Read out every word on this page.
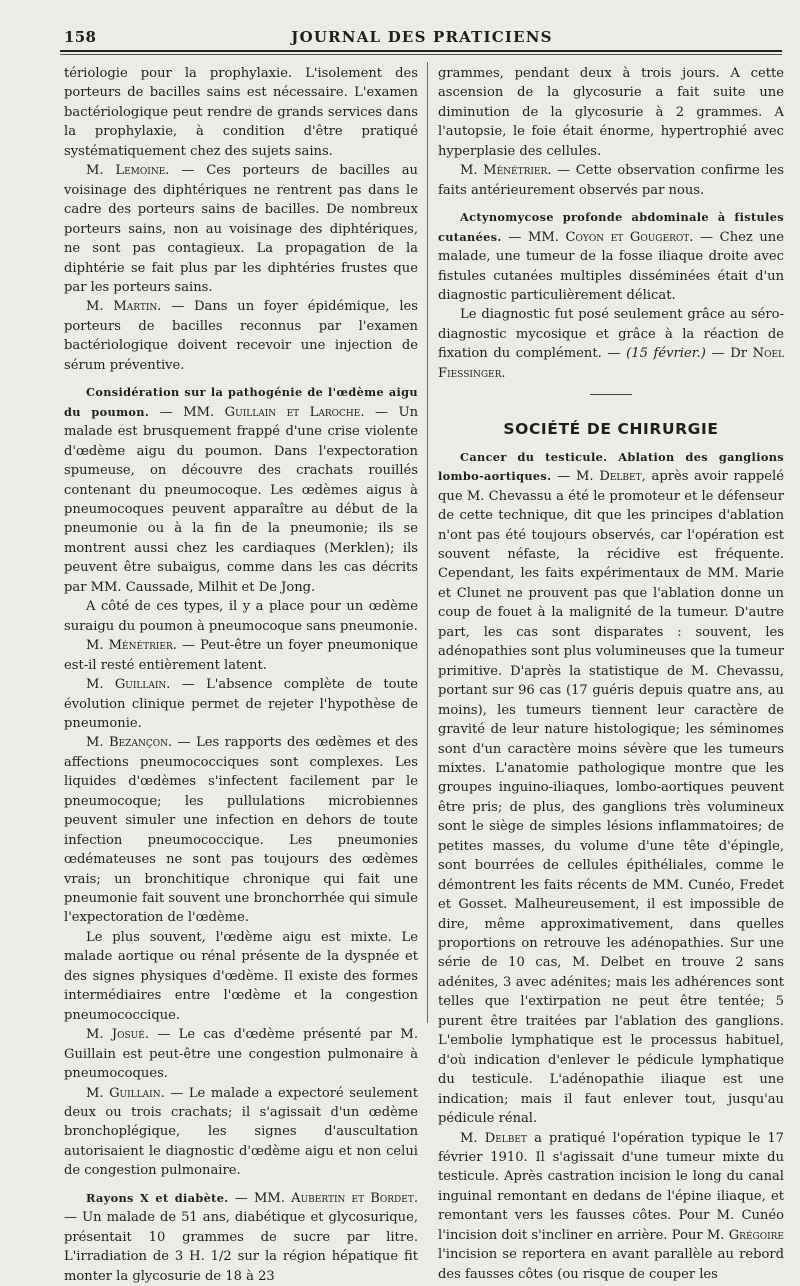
158	JOURNAL DES PRATICIENS

tériologie pour la prophylaxie. L'isolement des porteurs de bacilles sains est nécessaire. L'examen bactériologique peut rendre de grands services dans la prophylaxie, à condition d'être pratiqué systématiquement chez des sujets sains.

M. Lemoine. — Ces porteurs de bacilles au voisinage des diphtériques ne rentrent pas dans le cadre des porteurs sains de bacilles. De nombreux porteurs sains, non au voisinage des diphtériques, ne sont pas contagieux. La propagation de la diphtérie se fait plus par les diphtéries frustes que par les porteurs sains.

M. Martin. — Dans un foyer épidémique, les porteurs de bacilles reconnus par l'examen bactériologique doivent recevoir une injection de sérum préventive.

Considération sur la pathogénie de l'œdème aigu du poumon. — MM. Guillain et Laroche. — Un malade est brusquement frappé d'une crise violente d'œdème aigu du poumon. Dans l'expectoration spumeuse, on découvre des crachats rouillés contenant du pneumocoque. Les œdèmes aigus à pneumocoques peuvent apparaître au début de la pneumonie ou à la fin de la pneumonie; ils se montrent aussi chez les cardiaques (Merklen); ils peuvent être subaigus, comme dans les cas décrits par MM. Caussade, Milhit et De Jong.

A côté de ces types, il y a place pour un œdème suraigu du poumon à pneumocoque sans pneumonie.

M. Ménétrier. — Peut-être un foyer pneumonique est-il resté entièrement latent.

M. Guillain. — L'absence complète de toute évolution clinique permet de rejeter l'hypothèse de pneumonie.

M. Bezançon. — Les rapports des œdèmes et des affections pneumococciques sont complexes. Les liquides d'œdèmes s'infectent facilement par le pneumocoque; les pullulations microbiennes peuvent simuler une infection en dehors de toute infection pneumococcique. Les pneumonies œdémateuses ne sont pas toujours des œdèmes vrais; un bronchitique chronique qui fait une pneumonie fait souvent une bronchorrhée qui simule l'expectoration de l'œdème.

Le plus souvent, l'œdème aigu est mixte. Le malade aortique ou rénal présente de la dyspnée et des signes physiques d'œdème. Il existe des formes intermédiaires entre l'œdème et la congestion pneumococcique.

M. Josué. — Le cas d'œdème présenté par M. Guillain est peut-être une congestion pulmonaire à pneumocoques.

M. Guillain. — Le malade a expectoré seulement deux ou trois crachats; il s'agissait d'un œdème bronchoplégique, les signes d'auscultation autorisaient le diagnostic d'œdème aigu et non celui de congestion pulmonaire.

Rayons X et diabète. — MM. Aubertin et Bordet. — Un malade de 51 ans, diabétique et glycosurique, présentait 10 grammes de sucre par litre. L'irradiation de 3 H. 1/2 sur la région hépatique fit monter la glycosurie de 18 à 23

grammes, pendant deux à trois jours. A cette ascension de la glycosurie a fait suite une diminution de la glycosurie à 2 grammes. A l'autopsie, le foie était énorme, hypertrophié avec hyperplasie des cellules.

M. Ménétrier. — Cette observation confirme les faits antérieurement observés par nous.

Actynomycose profonde abdominale à fistules cutanées. — MM. Coyon et Gougerot. — Chez une malade, une tumeur de la fosse iliaque droite avec fistules cutanées multiples disséminées était d'un diagnostic particulièrement délicat.

Le diagnostic fut posé seulement grâce au séro-diagnostic mycosique et grâce à la réaction de fixation du complément. — (15 février.) — Dr Noel Fiessinger.

SOCIÉTÉ DE CHIRURGIE

Cancer du testicule. Ablation des ganglions lombo-aortiques. — M. Delbet, après avoir rappelé que M. Chevassu a été le promoteur et le défenseur de cette technique, dit que les principes d'ablation n'ont pas été toujours observés, car l'opération est souvent néfaste, la récidive est fréquente. Cependant, les faits expérimentaux de MM. Marie et Clunet ne prouvent pas que l'ablation donne un coup de fouet à la malignité de la tumeur. D'autre part, les cas sont disparates : souvent, les adénopathies sont plus volumineuses que la tumeur primitive. D'après la statistique de M. Chevassu, portant sur 96 cas (17 guéris depuis quatre ans, au moins), les tumeurs tiennent leur caractère de gravité de leur nature histologique; les séminomes sont d'un caractère moins sévère que les tumeurs mixtes. L'anatomie pathologique montre que les groupes inguino-iliaques, lombo-aortiques peuvent être pris; de plus, des ganglions très volumineux sont le siège de simples lésions inflammatoires; de petites masses, du volume d'une tête d'épingle, sont bourrées de cellules épithéliales, comme le démontrent les faits récents de MM. Cunéo, Fredet et Gosset. Malheureusement, il est impossible de dire, même approximativement, dans quelles proportions on retrouve les adénopathies. Sur une série de 10 cas, M. Delbet en trouve 2 sans adénites, 3 avec adénites; mais les adhérences sont telles que l'extirpation ne peut être tentée; 5 purent être traitées par l'ablation des ganglions. L'embolie lymphatique est le processus habituel, d'où indication d'enlever le pédicule lymphatique du testicule. L'adénopathie iliaque est une indication; mais il faut enlever tout, jusqu'au pédicule rénal.

M. Delbet a pratiqué l'opération typique le 17 février 1910. Il s'agissait d'une tumeur mixte du testicule. Après castration incision le long du canal inguinal remontant en dedans de l'épine iliaque, et remontant vers les fausses côtes. Pour M. Cunéo l'incision doit s'incliner en arrière. Pour M. Grégoire l'incision se reportera en avant parallèle au rebord des fausses côtes (ou risque de couper les
